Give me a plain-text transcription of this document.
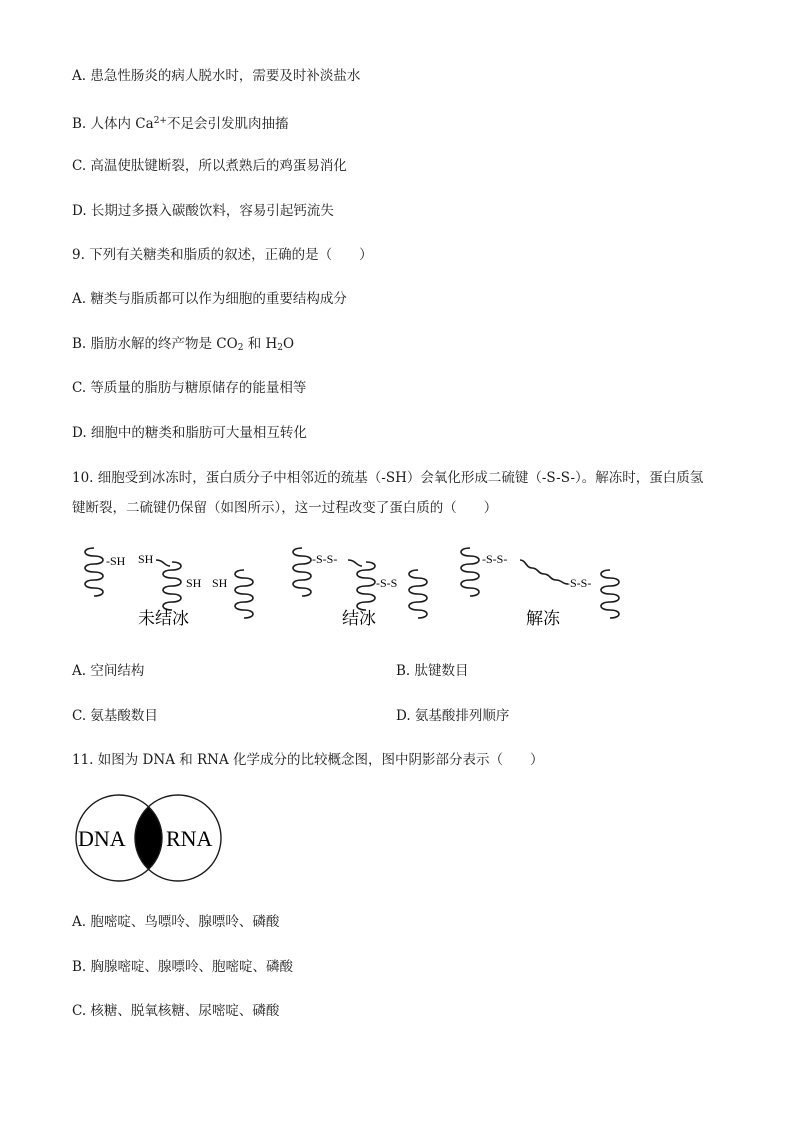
A. 患急性肠炎的病人脱水时，需要及时补淡盐水
B. 人体内 $Ca^{2+}$不足会引发肌肉抽搐
C. 高温使肽键断裂，所以煮熟后的鸡蛋易消化
D. 长期过多摄入碳酸饮料，容易引起钙流失
9. 下列有关糖类和脂质的叙述，正确的是（　　）
A. 糖类与脂质都可以作为细胞的重要结构成分
B. 脂肪水解的终产物是 $CO_2$ 和 $H_2O$
C. 等质量的脂肪与糖原储存的能量相等
D. 细胞中的糖类和脂肪可大量相互转化
10. 细胞受到冰冻时，蛋白质分子中相邻近的巯基（-SH）会氧化形成二硫键（-S-S-）。解冻时，蛋白质氢
键断裂，二硫键仍保留（如图所示），这一过程改变了蛋白质的（　　）
-SH SH
SH SH
未结冰
-S-S-
-S-S
结冰
-S-S-
-S-S-
解冻
A. 空间结构	B. 肽键数目
C. 氨基酸数目	D. 氨基酸排列顺序
11. 如图为 DNA 和 RNA 化学成分的比较概念图，图中阴影部分表示（　　）
DNA RNA
A. 胞嘧啶、鸟嘌呤、腺嘌呤、磷酸
B. 胸腺嘧啶、腺嘌呤、胞嘧啶、磷酸
C. 核糖、脱氧核糖、尿嘧啶、磷酸
